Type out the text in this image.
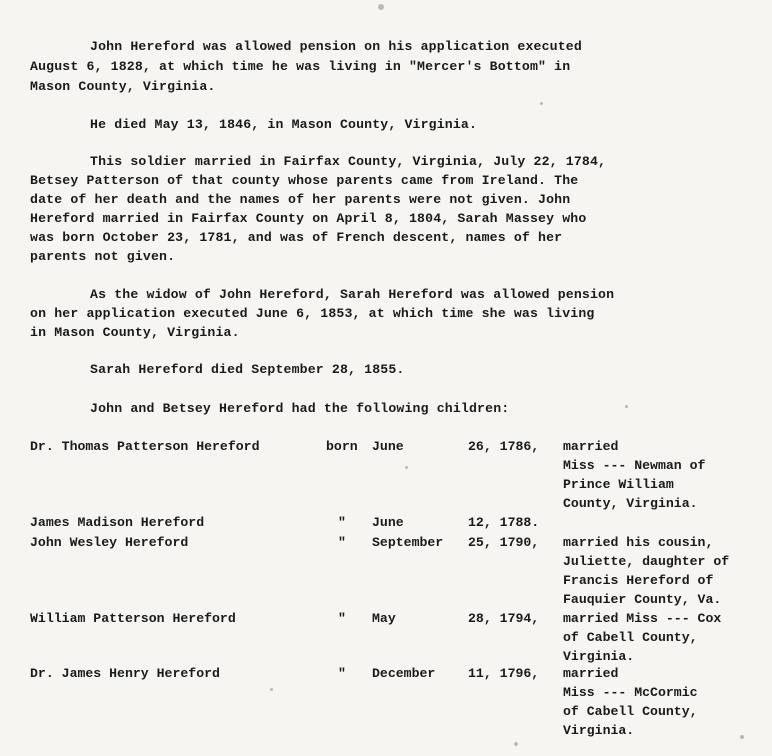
John Hereford was allowed pension on his application executed
August 6, 1828, at which time he was living in "Mercer's Bottom" in
Mason County, Virginia.
He died May 13, 1846, in Mason County, Virginia.
This soldier married in Fairfax County, Virginia, July 22, 1784,
Betsey Patterson of that county whose parents came from Ireland. The
date of her death and the names of her parents were not given. John
Hereford married in Fairfax County on April 8, 1804, Sarah Massey who
was born October 23, 1781, and was of French descent, names of her
parents not given.
As the widow of John Hereford, Sarah Hereford was allowed pension
on her application executed June 6, 1853, at which time she was living
in Mason County, Virginia.
Sarah Hereford died September 28, 1855.
John and Betsey Hereford had the following children:
Dr. Thomas Patterson Hereford	born June	26, 1786, married
Miss --- Newman of
Prince William
County, Virginia.
James Madison Hereford	" June	12, 1788.
John Wesley Hereford	" September 25, 1790, married his cousin,
Juliette, daughter of
Francis Hereford of
Fauquier County, Va.
William Patterson Hereford	" May	28, 1794, married Miss --- Cox
of Cabell County,
Virginia.
Dr. James Henry Hereford	" December 11, 1796, married
Miss --- McCormic
of Cabell County,
Virginia.
